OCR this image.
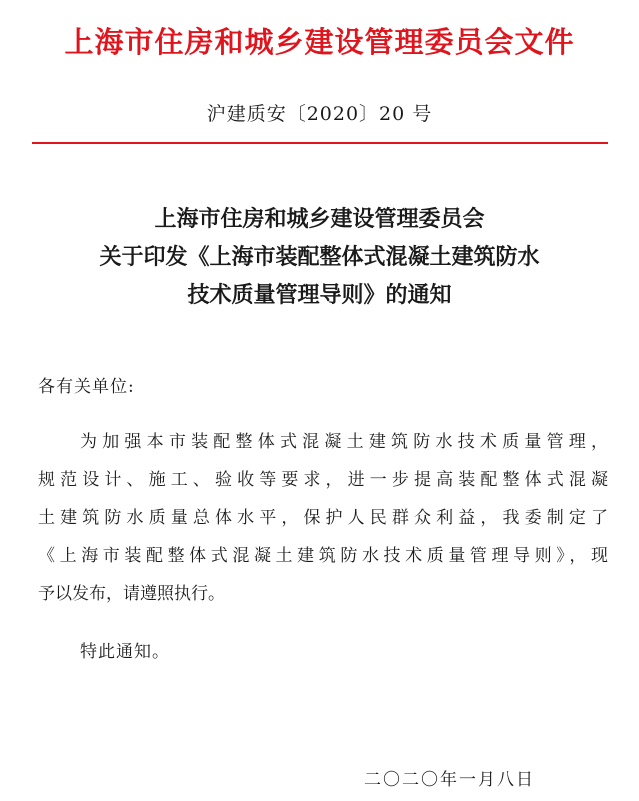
上海市住房和城乡建设管理委员会文件
沪建质安〔2020〕20 号
上海市住房和城乡建设管理委员会
关于印发《上海市装配整体式混凝土建筑防水
技术质量管理导则》的通知
各有关单位:
为加强本市装配整体式混凝土建筑防水技术质量管理，
规范设计、施工、验收等要求，进一步提高装配整体式混凝
土建筑防水质量总体水平，保护人民群众利益，我委制定了
《上海市装配整体式混凝土建筑防水技术质量管理导则》，现
予以发布，请遵照执行。
特此通知。
二〇二〇年一月八日
